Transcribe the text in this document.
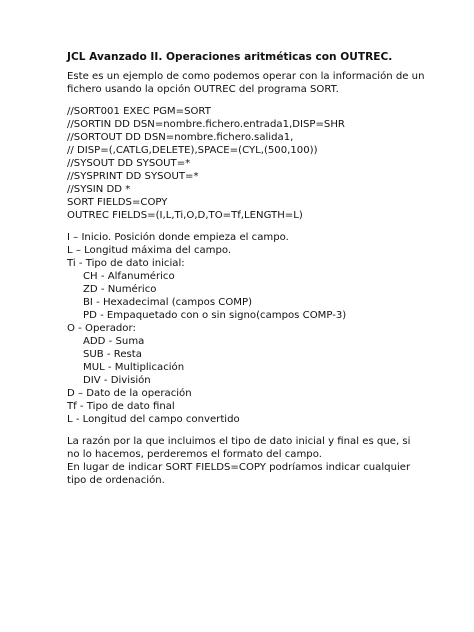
JCL Avanzado II. Operaciones aritméticas con OUTREC.
Este es un ejemplo de como podemos operar con la información de un
fichero usando la opción OUTREC del programa SORT.
//SORT001 EXEC PGM=SORT
//SORTIN DD DSN=nombre.fichero.entrada1,DISP=SHR
//SORTOUT DD DSN=nombre.fichero.salida1,
// DISP=(,CATLG,DELETE),SPACE=(CYL,(500,100))
//SYSOUT DD SYSOUT=*
//SYSPRINT DD SYSOUT=*
//SYSIN DD *
SORT FIELDS=COPY
OUTREC FIELDS=(I,L,Ti,O,D,TO=Tf,LENGTH=L)
I – Inicio. Posición donde empieza el campo.
L – Longitud máxima del campo.
Ti - Tipo de dato inicial:
CH - Alfanumérico
ZD - Numérico
BI - Hexadecimal (campos COMP)
PD - Empaquetado con o sin signo(campos COMP-3)
O - Operador:
ADD - Suma
SUB - Resta
MUL - Multiplicación
DIV - División
D – Dato de la operación
Tf - Tipo de dato final
L - Longitud del campo convertido
La razón por la que incluimos el tipo de dato inicial y final es que, si
no lo hacemos, perderemos el formato del campo.
En lugar de indicar SORT FIELDS=COPY podríamos indicar cualquier
tipo de ordenación.
